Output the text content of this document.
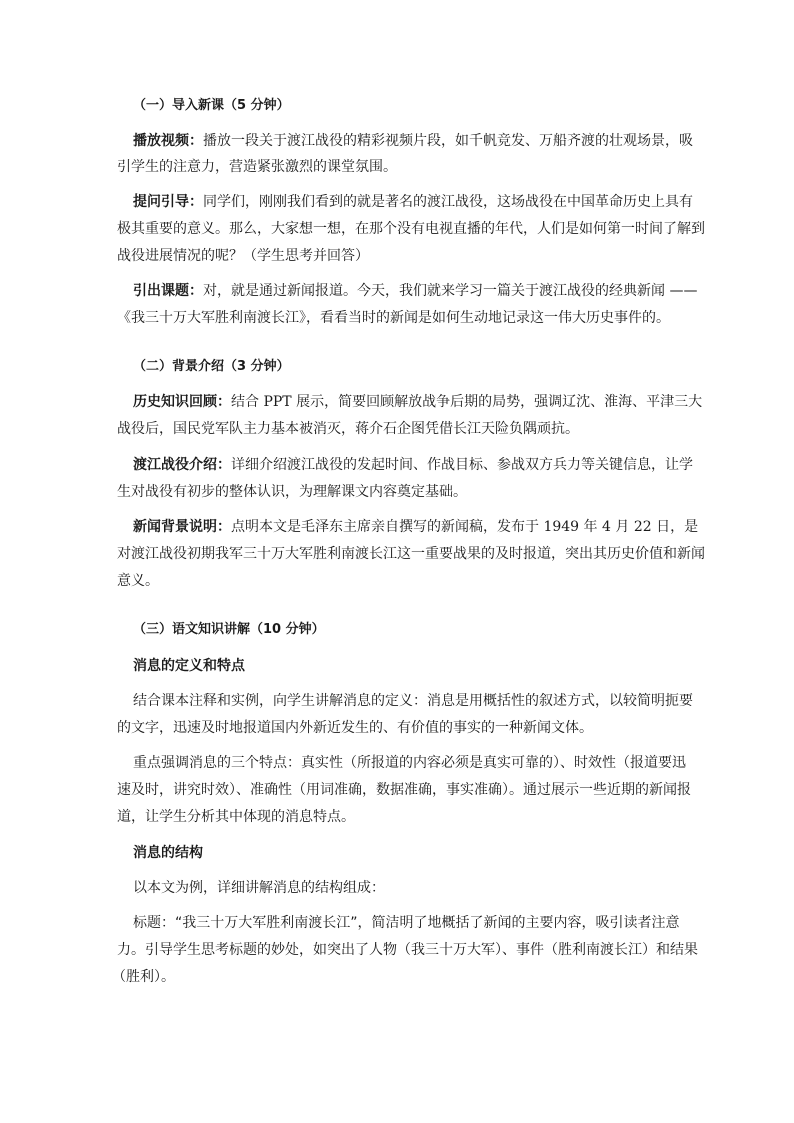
（一）导入新课（5 分钟）
播放视频：播放一段关于渡江战役的精彩视频片段，如千帆竞发、万船齐渡的壮观场景，吸
引学生的注意力，营造紧张激烈的课堂氛围。
提问引导：同学们，刚刚我们看到的就是著名的渡江战役，这场战役在中国革命历史上具有
极其重要的意义。那么，大家想一想，在那个没有电视直播的年代，人们是如何第一时间了解到
战役进展情况的呢？（学生思考并回答）
引出课题：对，就是通过新闻报道。今天，我们就来学习一篇关于渡江战役的经典新闻 ——
《我三十万大军胜利南渡长江》，看看当时的新闻是如何生动地记录这一伟大历史事件的。
（二）背景介绍（3 分钟）
历史知识回顾：结合 PPT 展示，简要回顾解放战争后期的局势，强调辽沈、淮海、平津三大
战役后，国民党军队主力基本被消灭，蒋介石企图凭借长江天险负隅顽抗。
渡江战役介绍：详细介绍渡江战役的发起时间、作战目标、参战双方兵力等关键信息，让学
生对战役有初步的整体认识，为理解课文内容奠定基础。
新闻背景说明：点明本文是毛泽东主席亲自撰写的新闻稿，发布于 1949 年 4 月 22 日，是
对渡江战役初期我军三十万大军胜利南渡长江这一重要战果的及时报道，突出其历史价值和新闻
意义。
（三）语文知识讲解（10 分钟）
消息的定义和特点
结合课本注释和实例，向学生讲解消息的定义：消息是用概括性的叙述方式，以较简明扼要
的文字，迅速及时地报道国内外新近发生的、有价值的事实的一种新闻文体。
重点强调消息的三个特点：真实性（所报道的内容必须是真实可靠的）、时效性（报道要迅
速及时，讲究时效）、准确性（用词准确，数据准确，事实准确）。通过展示一些近期的新闻报
道，让学生分析其中体现的消息特点。
消息的结构
以本文为例，详细讲解消息的结构组成：
标题：“我三十万大军胜利南渡长江”，简洁明了地概括了新闻的主要内容，吸引读者注意
力。引导学生思考标题的妙处，如突出了人物（我三十万大军）、事件（胜利南渡长江）和结果
（胜利）。
